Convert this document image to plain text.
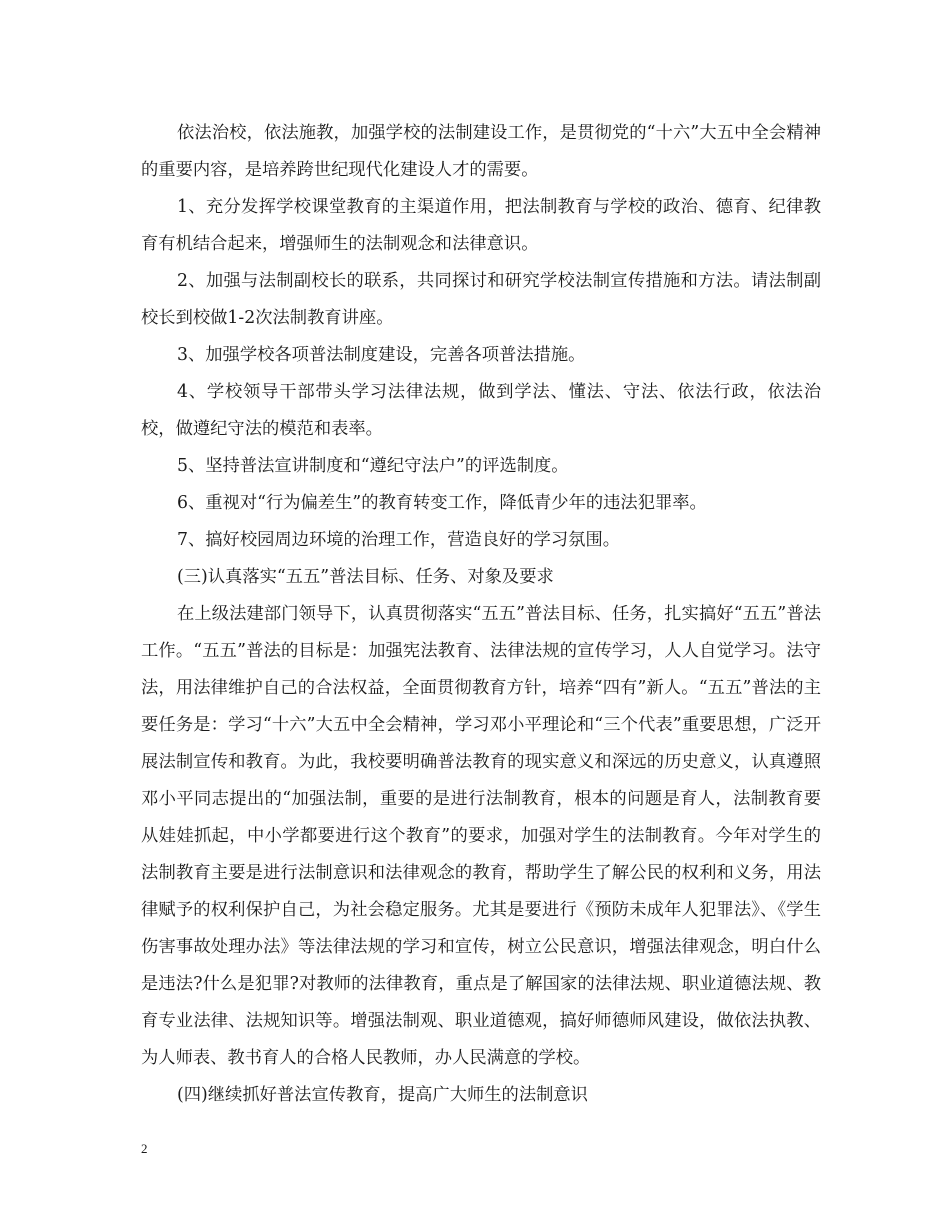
依法治校，依法施教，加强学校的法制建设工作，是贯彻党的“十六”大五中全会精神的重要内容，是培养跨世纪现代化建设人才的需要。

1、充分发挥学校课堂教育的主渠道作用，把法制教育与学校的政治、德育、纪律教育有机结合起来，增强师生的法制观念和法律意识。

2、加强与法制副校长的联系，共同探讨和研究学校法制宣传措施和方法。请法制副校长到校做1-2次法制教育讲座。

3、加强学校各项普法制度建设，完善各项普法措施。

4、学校领导干部带头学习法律法规，做到学法、懂法、守法、依法行政，依法治校，做遵纪守法的模范和表率。

5、坚持普法宣讲制度和“遵纪守法户”的评选制度。

6、重视对“行为偏差生”的教育转变工作，降低青少年的违法犯罪率。

7、搞好校园周边环境的治理工作，营造良好的学习氛围。

(三)认真落实“五五”普法目标、任务、对象及要求

在上级法建部门领导下，认真贯彻落实“五五”普法目标、任务，扎实搞好“五五”普法工作。“五五”普法的目标是：加强宪法教育、法律法规的宣传学习，人人自觉学习。法守法，用法律维护自己的合法权益，全面贯彻教育方针，培养“四有”新人。“五五”普法的主要任务是：学习“十六”大五中全会精神，学习邓小平理论和“三个代表”重要思想，广泛开展法制宣传和教育。为此，我校要明确普法教育的现实意义和深远的历史意义，认真遵照邓小平同志提出的“加强法制，重要的是进行法制教育，根本的问题是育人，法制教育要从娃娃抓起，中小学都要进行这个教育”的要求，加强对学生的法制教育。今年对学生的法制教育主要是进行法制意识和法律观念的教育，帮助学生了解公民的权利和义务，用法律赋予的权利保护自己，为社会稳定服务。尤其是要进行《预防未成年人犯罪法》、《学生伤害事故处理办法》等法律法规的学习和宣传，树立公民意识，增强法律观念，明白什么是违法?什么是犯罪?对教师的法律教育，重点是了解国家的法律法规、职业道德法规、教育专业法律、法规知识等。增强法制观、职业道德观，搞好师德师风建设，做依法执教、为人师表、教书育人的合格人民教师，办人民满意的学校。

(四)继续抓好普法宣传教育，提高广大师生的法制意识

2
